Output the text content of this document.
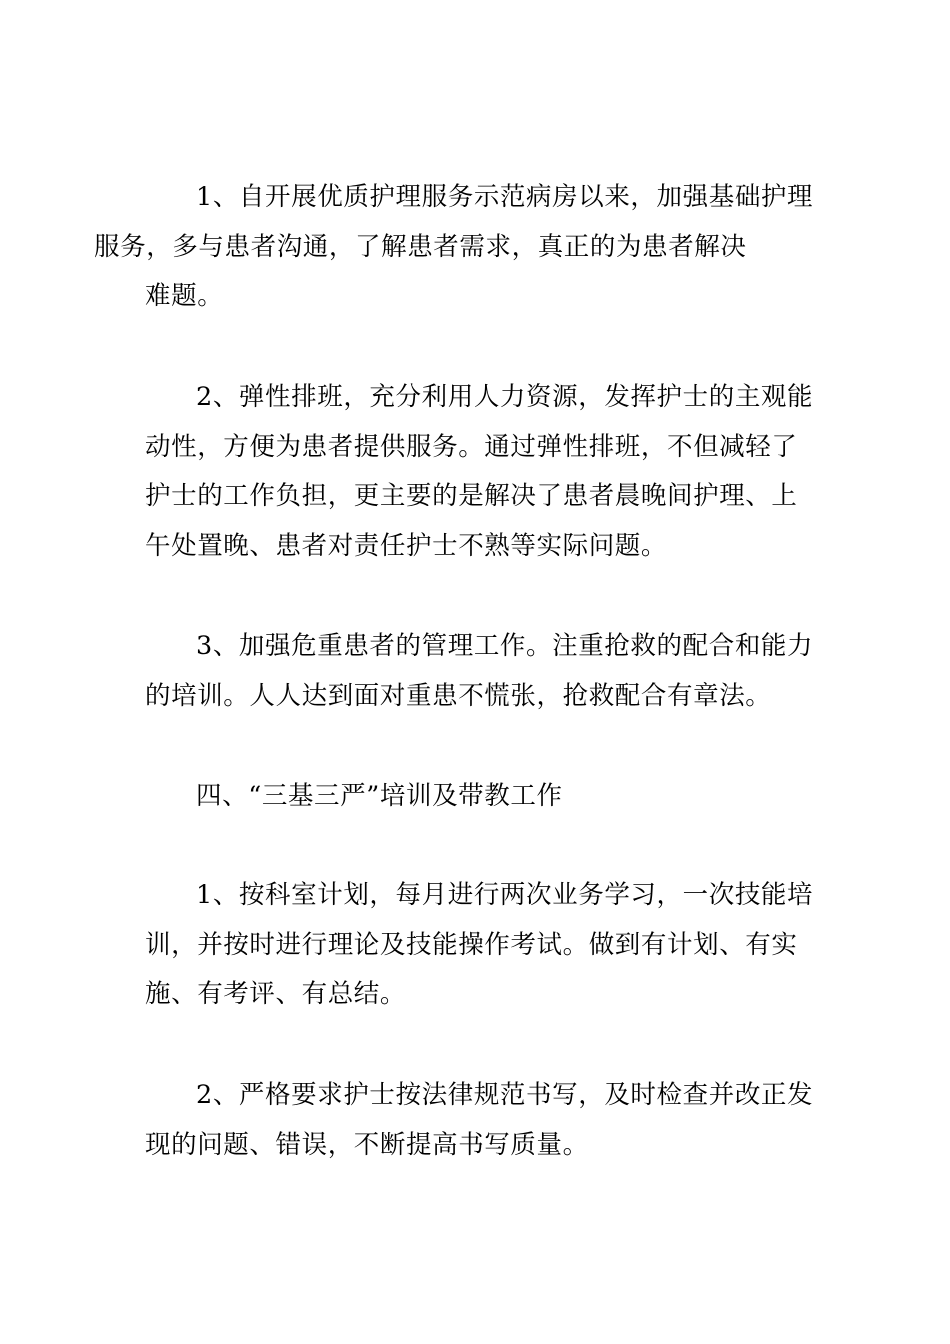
1、自开展优质护理服务示范病房以来，加强基础护理
服务，多与患者沟通，了解患者需求，真正的为患者解决
难题。

2、弹性排班，充分利用人力资源，发挥护士的主观能
动性，方便为患者提供服务。通过弹性排班，不但减轻了
护士的工作负担，更主要的是解决了患者晨晚间护理、上
午处置晚、患者对责任护士不熟等实际问题。

3、加强危重患者的管理工作。注重抢救的配合和能力
的培训。人人达到面对重患不慌张，抢救配合有章法。

四、“三基三严”培训及带教工作

1、按科室计划，每月进行两次业务学习，一次技能培
训，并按时进行理论及技能操作考试。做到有计划、有实
施、有考评、有总结。

2、严格要求护士按法律规范书写，及时检查并改正发
现的问题、错误，不断提高书写质量。
